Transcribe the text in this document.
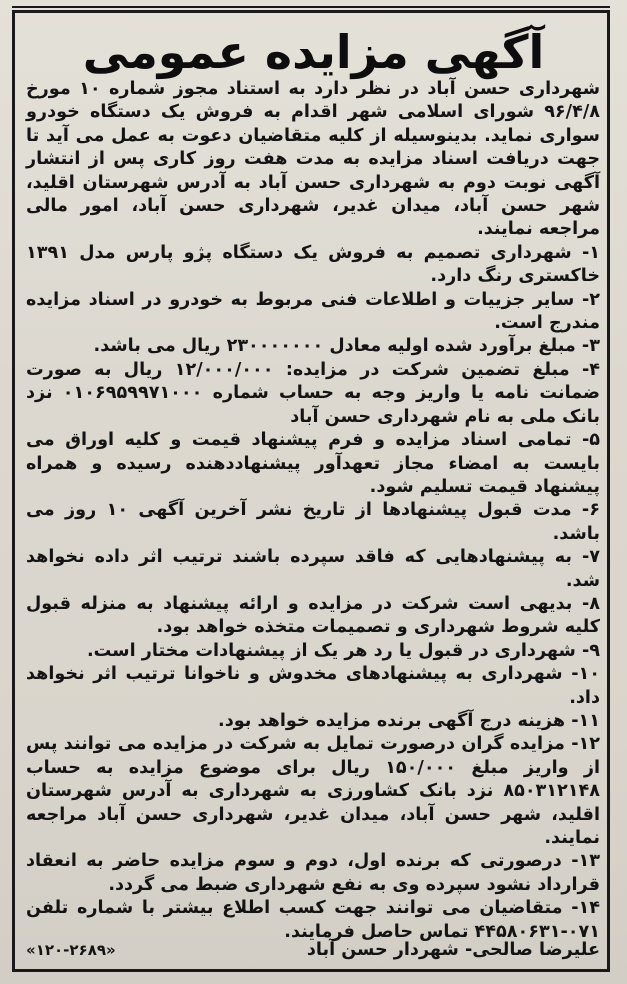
آگهی مزایده عمومی

شهرداری حسن آباد در نظر دارد به استناد مجوز شماره ۱۰ مورخ ۹۶/۴/۸ شورای اسلامی شهر اقدام به فروش یک دستگاه خودرو سواری نماید. بدینوسیله از کلیه متقاضیان دعوت به عمل می آید تا جهت دریافت اسناد مزایده به مدت هفت روز کاری پس از انتشار آگهی نوبت دوم به شهرداری حسن آباد به آدرس شهرستان اقلید، شهر حسن آباد، میدان غدیر، شهرداری حسن آباد، امور مالی مراجعه نمایند.

۱- شهرداری تصمیم به فروش یک دستگاه پژو پارس مدل ۱۳۹۱ خاکستری رنگ دارد.

۲- سایر جزییات و اطلاعات فنی مربوط به خودرو در اسناد مزایده مندرج است.

۳- مبلغ برآورد شده اولیه معادل ۲۳۰۰۰۰۰۰۰ ریال می باشد.

۴- مبلغ تضمین شرکت در مزایده: ۱۲/۰۰۰/۰۰۰ ریال به صورت ضمانت نامه یا واریز وجه به حساب شماره ۰۱۰۶۹۵۹۹۷۱۰۰۰ نزد بانک ملی به نام شهرداری حسن آباد

۵- تمامی اسناد مزایده و فرم پیشنهاد قیمت و کلیه اوراق می بایست به امضاء مجاز تعهدآور پیشنهاددهنده رسیده و همراه پیشنهاد قیمت تسلیم شود.

۶- مدت قبول پیشنهادها از تاریخ نشر آخرین آگهی ۱۰ روز می باشد.

۷- به پیشنهادهایی که فاقد سپرده باشند ترتیب اثر داده نخواهد شد.

۸- بدیهی است شرکت در مزایده و ارائه پیشنهاد به منزله قبول کلیه شروط شهرداری و تصمیمات متخذه خواهد بود.

۹- شهرداری در قبول یا رد هر یک از پیشنهادات مختار است.

۱۰- شهرداری به پیشنهادهای مخدوش و ناخوانا ترتیب اثر نخواهد داد.

۱۱- هزینه درج آگهی برنده مزایده خواهد بود.

۱۲- مزایده گران درصورت تمایل به شرکت در مزایده می توانند پس از واریز مبلغ ۱۵۰/۰۰۰ ریال برای موضوع مزایده به حساب ۸۵۰۳۱۲۱۴۸ نزد بانک کشاورزی به شهرداری به آدرس شهرستان اقلید، شهر حسن آباد، میدان غدیر، شهرداری حسن آباد مراجعه نمایند.

۱۳- درصورتی که برنده اول، دوم و سوم مزایده حاضر به انعقاد قرارداد نشود سپرده وی به نفع شهرداری ضبط می گردد.

۱۴- متقاضیان می توانند جهت کسب اطلاع بیشتر با شماره تلفن ۰۷۱-۴۴۵۸۰۶۳۱ تماس حاصل فرمایند.

علیرضا صالحی- شهردار حسن آباد
«۱۲۰-۲۶۸۹»
